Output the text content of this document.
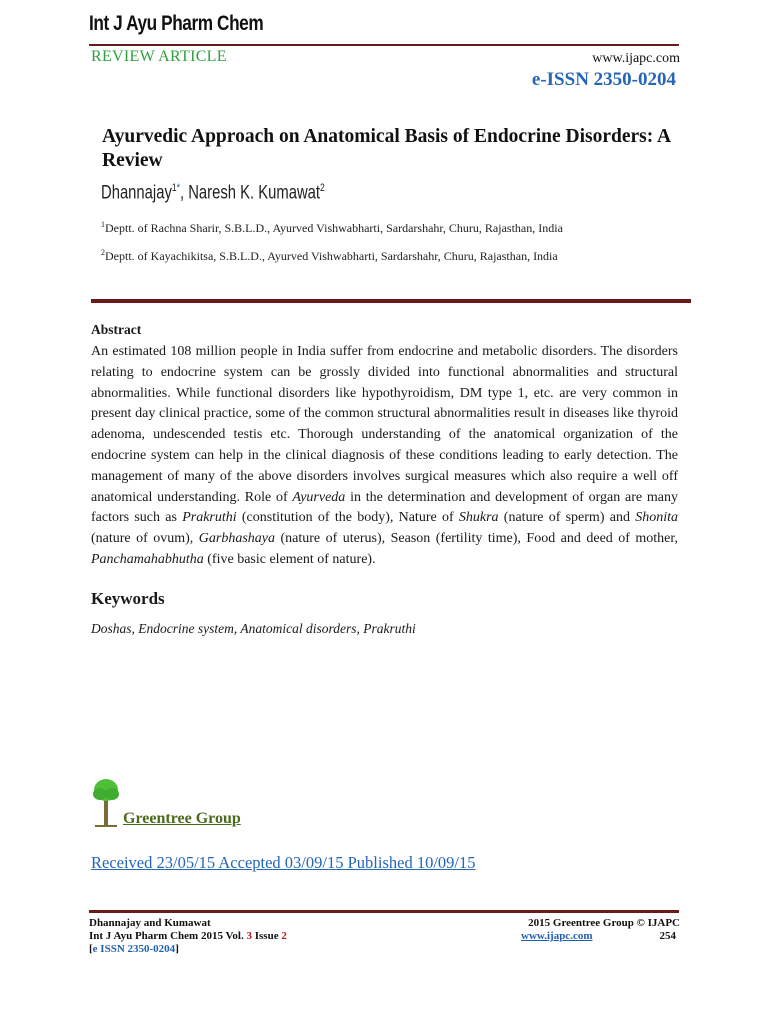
Int J Ayu Pharm Chem
REVIEW ARTICLE	www.ijapc.com
e-ISSN 2350-0204
Ayurvedic Approach on Anatomical Basis of Endocrine Disorders: A Review
Dhannajay$^{1*}$, Naresh K. Kumawat$^2$
$^1$Deptt. of Rachna Sharir, S.B.L.D., Ayurved Vishwabharti, Sardarshahr, Churu, Rajasthan, India
$^2$Deptt. of Kayachikitsa, S.B.L.D., Ayurved Vishwabharti, Sardarshahr, Churu, Rajasthan, India
Abstract
An estimated 108 million people in India suffer from endocrine and metabolic disorders. The disorders relating to endocrine system can be grossly divided into functional abnormalities and structural abnormalities. While functional disorders like hypothyroidism, DM type 1, etc. are very common in present day clinical practice, some of the common structural abnormalities result in diseases like thyroid adenoma, undescended testis etc. Thorough understanding of the anatomical organization of the endocrine system can help in the clinical diagnosis of these conditions leading to early detection. The management of many of the above disorders involves surgical measures which also require a well off anatomical understanding. Role of Ayurveda in the determination and development of organ are many factors such as Prakruthi (constitution of the body), Nature of Shukra (nature of sperm) and Shonita (nature of ovum), Garbhashaya (nature of uterus), Season (fertility time), Food and deed of mother, Panchamahabhutha (five basic element of nature).
Keywords
Doshas, Endocrine system, Anatomical disorders, Prakruthi
Greentree Group
Received 23/05/15 Accepted 03/09/15 Published 10/09/15
Dhannajay and Kumawat
Int J Ayu Pharm Chem 2015 Vol. 3 Issue 2
[e ISSN 2350-0204]
2015 Greentree Group © IJAPC
www.ijapc.com	254
